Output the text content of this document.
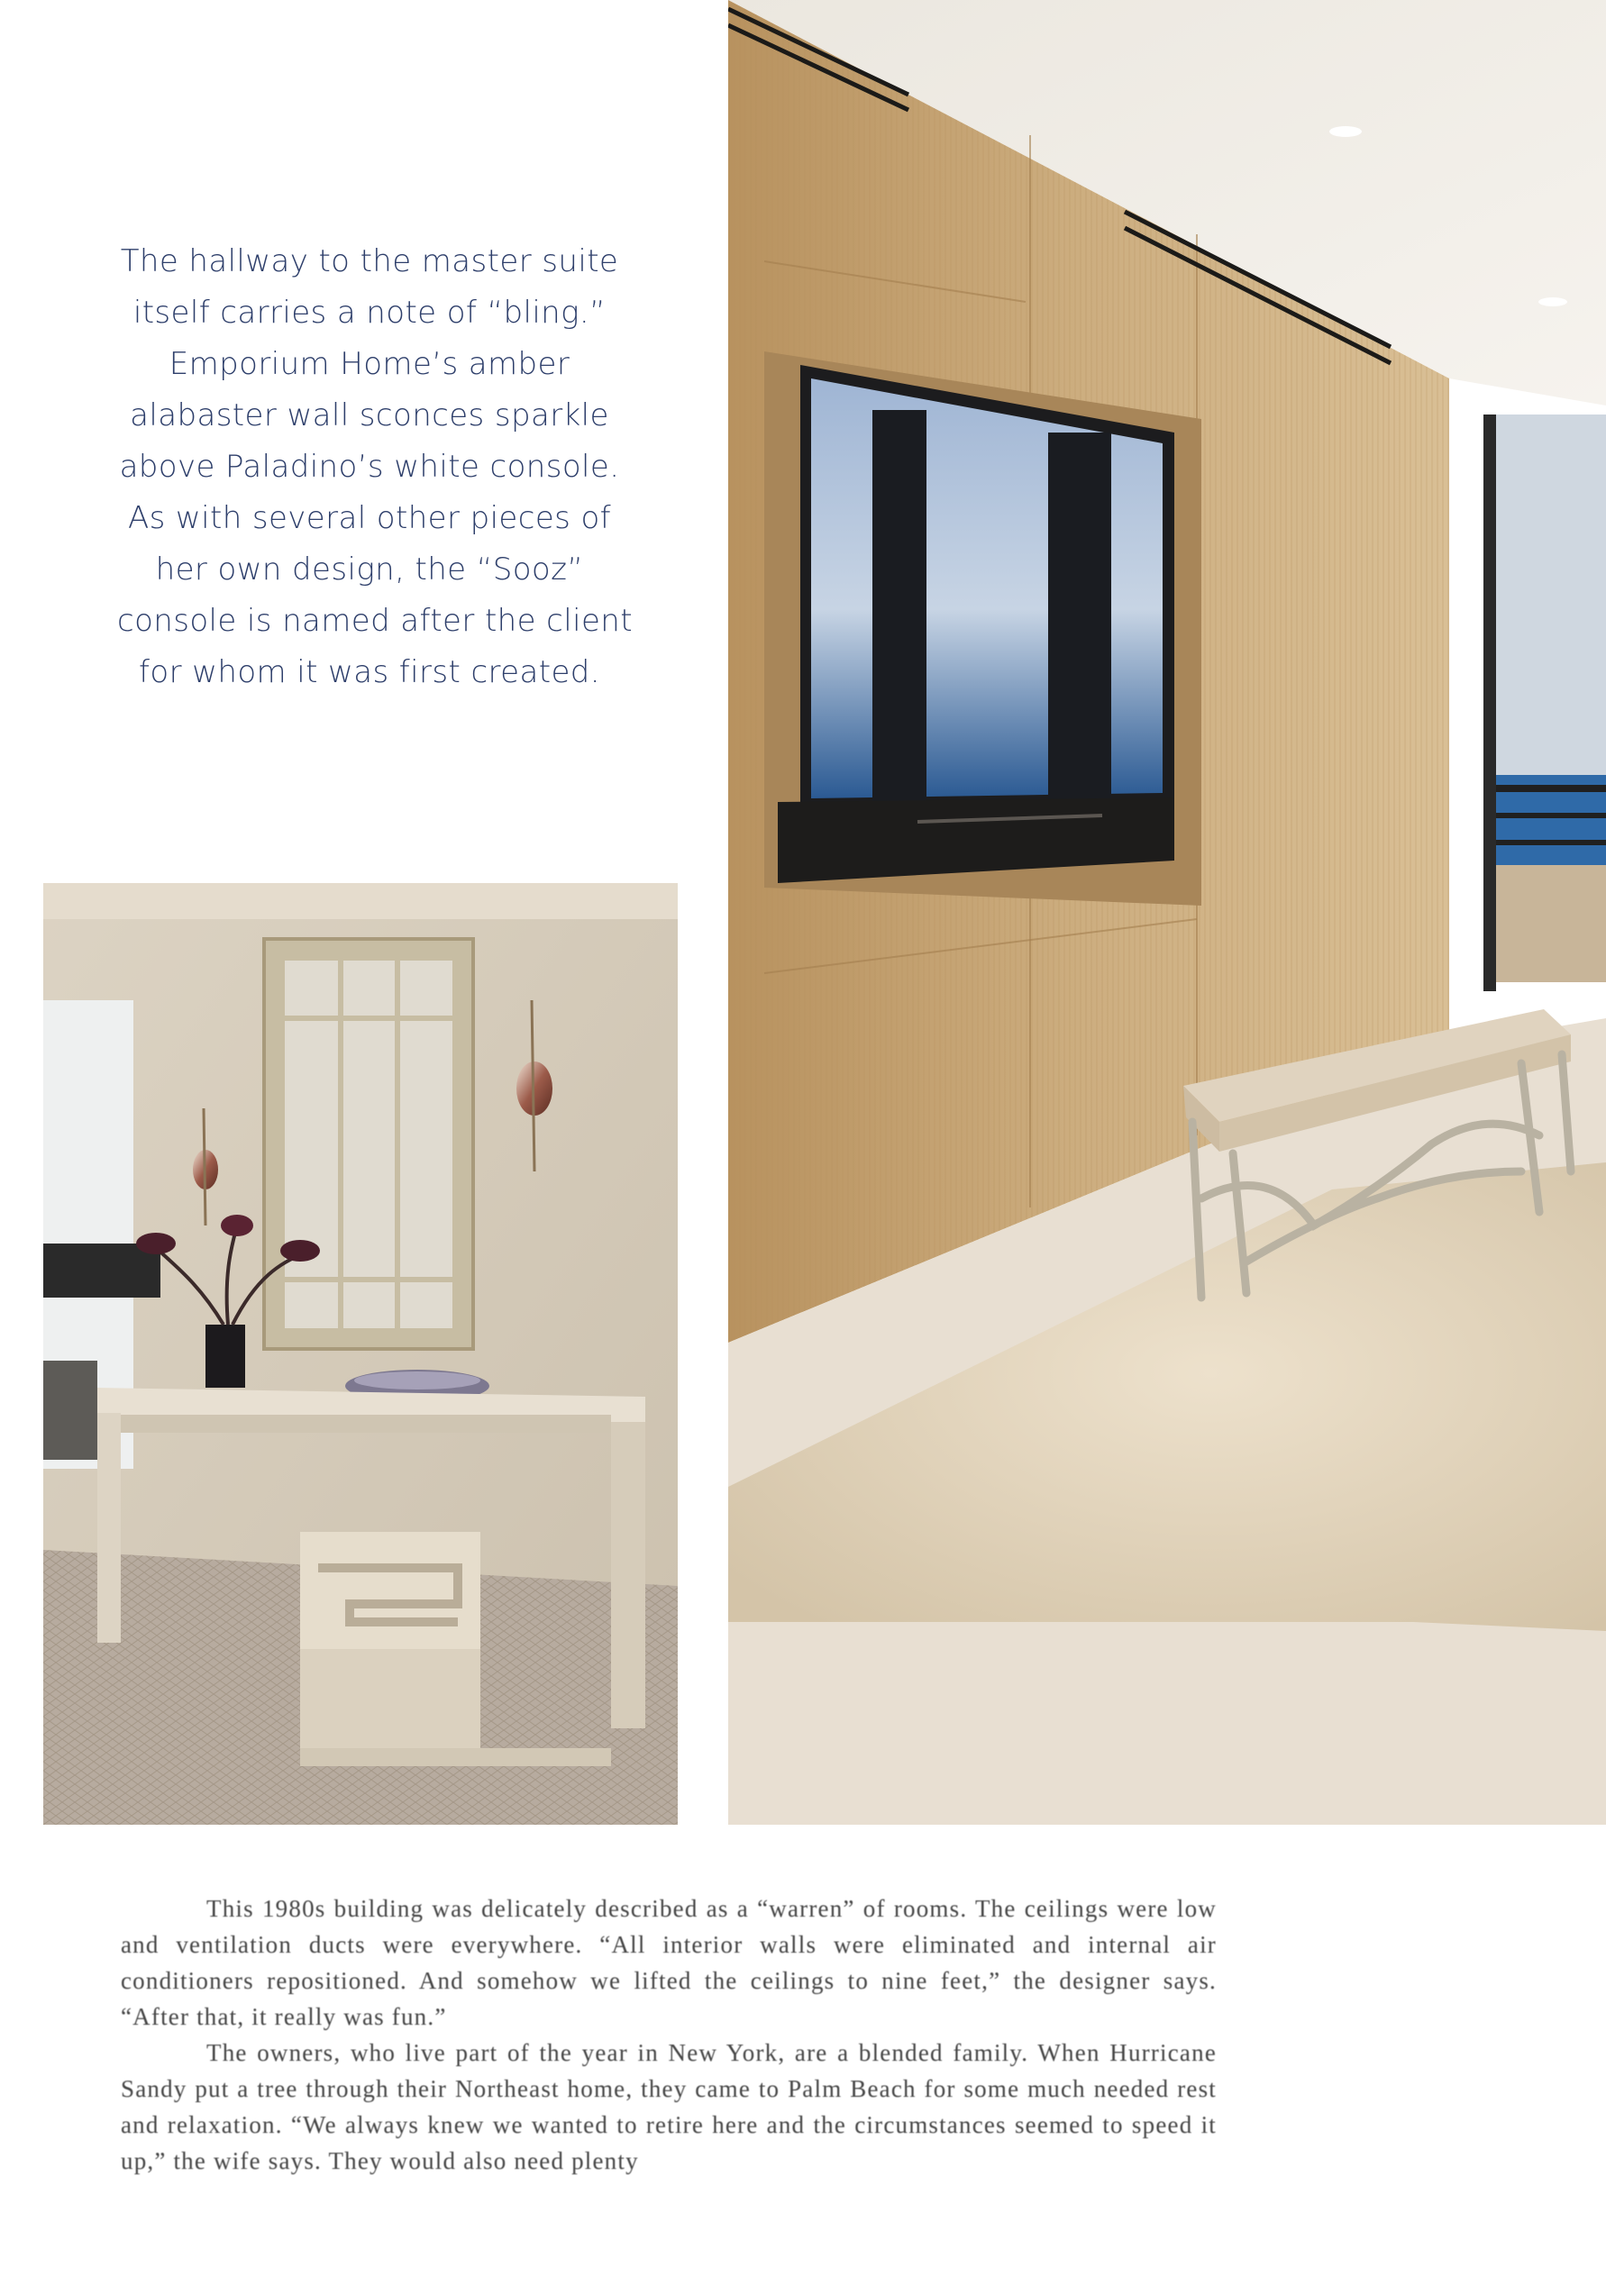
The hallway to the master suite
itself carries a note of “bling.”
Emporium Home’s amber
alabaster wall sconces sparkle
above Paladino’s white console.
As with several other pieces of
her own design, the “Sooz”
console is named after the client
for whom it was first created.

This 1980s building was delicately described as a “warren” of rooms. The ceilings were low and ventilation ducts were everywhere. “All interior walls were eliminated and internal air conditioners repositioned. And somehow we lifted the ceilings to nine feet,” the designer says. “After that, it really was fun.”

The owners, who live part of the year in New York, are a blended family. When Hurricane Sandy put a tree through their Northeast home, they came to Palm Beach for some much needed rest and relaxation. “We always knew we wanted to retire here and the circumstances seemed to speed it up,” the wife says. They would also need plenty
